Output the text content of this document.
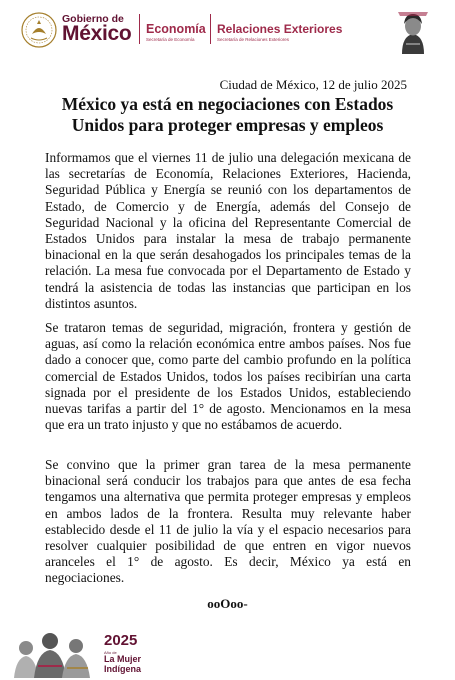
Gobierno de
México Economía
Secretaría de Economía
Relaciones Exteriores
Secretaría de Relaciones Exteriores
Ciudad de México, 12 de julio 2025
México ya está en negociaciones con Estados Unidos para proteger empresas y empleos

Informamos que el viernes 11 de julio una delegación mexicana de las secretarías de Economía, Relaciones Exteriores, Hacienda, Seguridad Pública y Energía se reunió con los departamentos de Estado, de Comercio y de Energía, además del Consejo de Seguridad Nacional y la oficina del Representante Comercial de Estados Unidos para instalar la mesa de trabajo permanente binacional en la que serán desahogados los principales temas de la relación. La mesa fue convocada por el Departamento de Estado y tendrá la asistencia de todas las instancias que participan en los distintos asuntos.

Se trataron temas de seguridad, migración, frontera y gestión de aguas, así como la relación económica entre ambos países. Nos fue dado a conocer que, como parte del cambio profundo en la política comercial de Estados Unidos, todos los países recibirían una carta signada por el presidente de los Estados Unidos, estableciendo nuevas tarifas a partir del 1° de agosto. Mencionamos en la mesa que era un trato injusto y que no estábamos de acuerdo.

Se convino que la primer gran tarea de la mesa permanente binacional será conducir los trabajos para que antes de esa fecha tengamos una alternativa que permita proteger empresas y empleos en ambos lados de la frontera. Resulta muy relevante haber establecido desde el 11 de julio la vía y el espacio necesarios para resolver cualquier posibilidad de que entren en vigor nuevos aranceles el 1° de agosto. Es decir, México ya está en negociaciones.

ooOoo-
2025
Año de
La Mujer
Indígena
